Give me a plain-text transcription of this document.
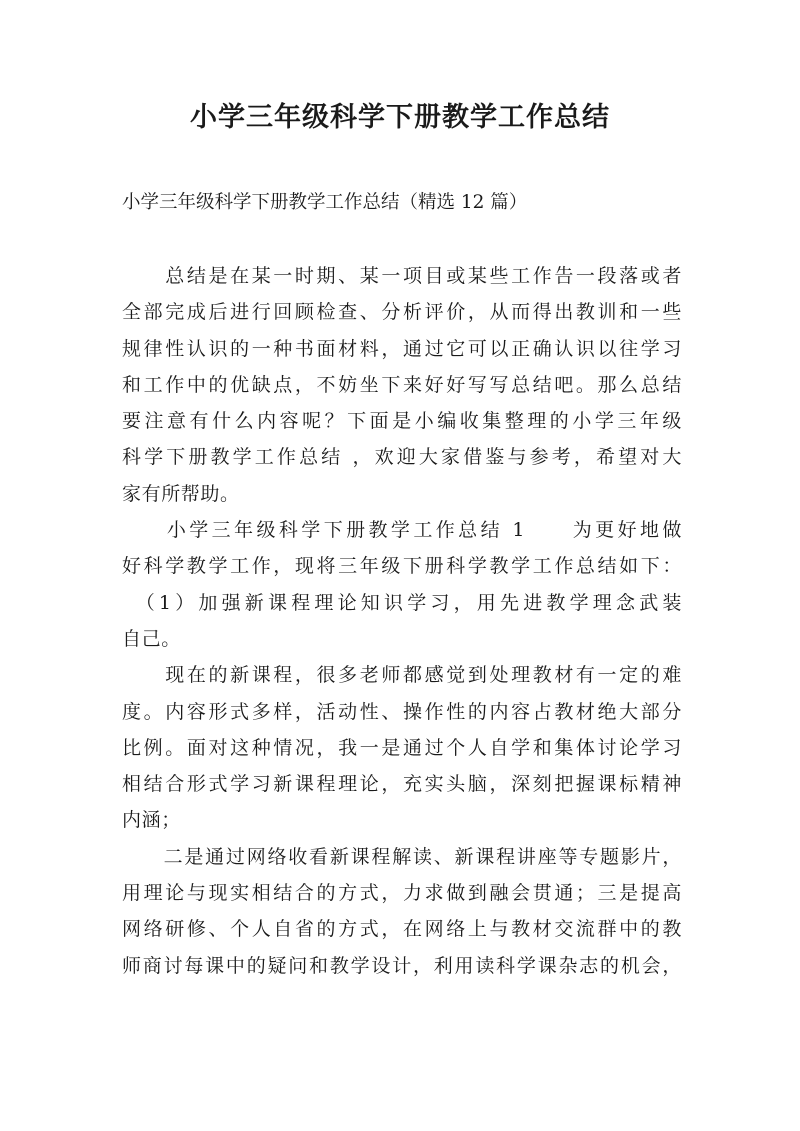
小学三年级科学下册教学工作总结

小学三年级科学下册教学工作总结（精选 12 篇）

　　总结是在某一时期、某一项目或某些工作告一段落或者

全部完成后进行回顾检查、分析评价，从而得出教训和一些

规律性认识的一种书面材料，通过它可以正确认识以往学习

和工作中的优缺点，不妨坐下来好好写写总结吧。那么总结

要注意有什么内容呢？下面是小编收集整理的小学三年级

科学下册教学工作总结 ，欢迎大家借鉴与参考，希望对大

家有所帮助。

　　小学三年级科学下册教学工作总结 1　　为更好地做

好科学教学工作，现将三年级下册科学教学工作总结如下：

　（1）加强新课程理论知识学习，用先进教学理念武装

自己。

　　现在的新课程，很多老师都感觉到处理教材有一定的难

度。内容形式多样，活动性、操作性的内容占教材绝大部分

比例。面对这种情况，我一是通过个人自学和集体讨论学习

相结合形式学习新课程理论，充实头脑，深刻把握课标精神

内涵；

　　二是通过网络收看新课程解读、新课程讲座等专题影片，

用理论与现实相结合的方式，力求做到融会贯通；三是提高

网络研修、个人自省的方式，在网络上与教材交流群中的教

师商讨每课中的疑问和教学设计，利用读科学课杂志的机会，
